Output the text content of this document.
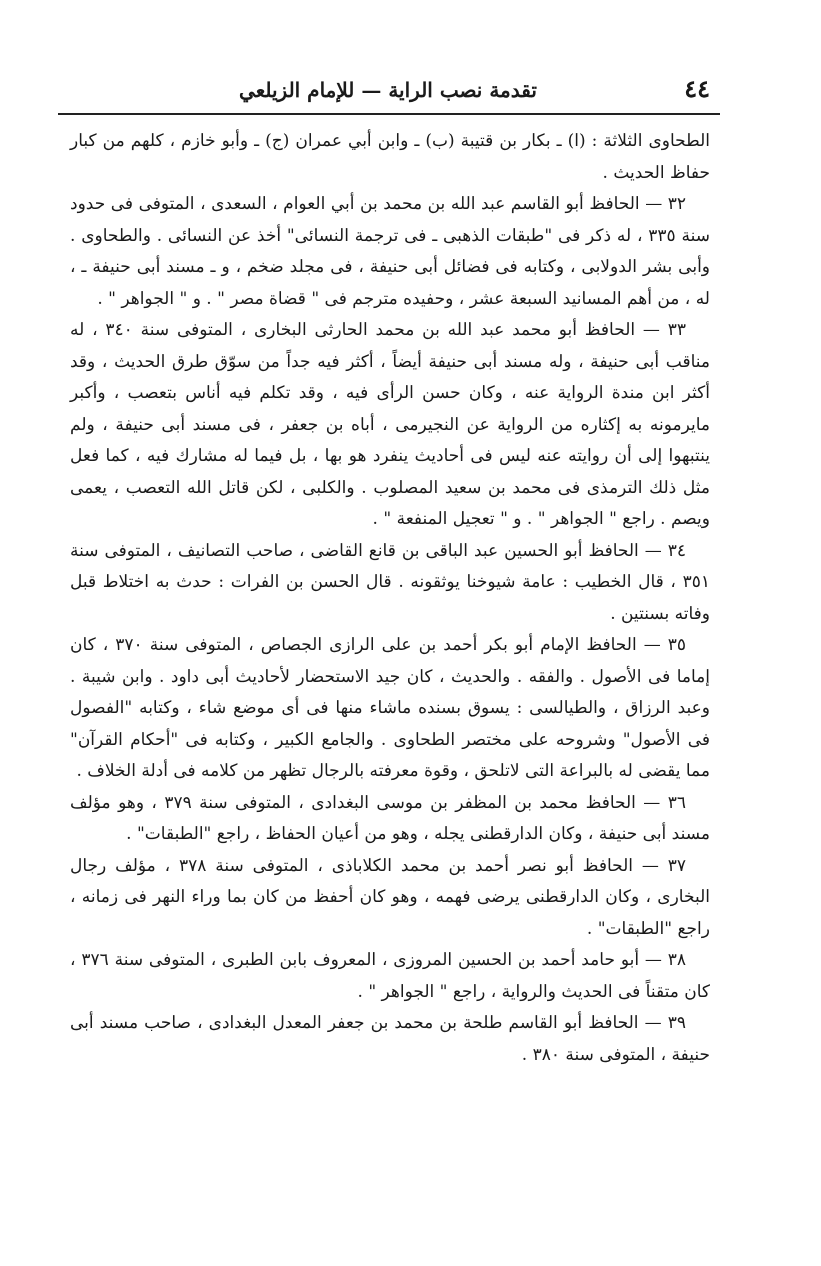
٤٤
تقدمة نصب الراية — للإمام الزيلعي

الطحاوى الثلاثة : (ا) ـ بكار بن قتيبة (ب) ـ وابن أبي عمران (ج) ـ وأبو خازم ، كلهم من كبار حفاظ الحديث .

٣٢ — الحافظ أبو القاسم عبد الله بن محمد بن أبي العوام ، السعدى ، المتوفى فى حدود سنة ٣٣٥ ، له ذكر فى "طبقات الذهبى ـ فى ترجمة النسائى" أخذ عن النسائى . والطحاوى . وأبى بشر الدولابى ، وكتابه فى فضائل أبى حنيفة ، فى مجلد ضخم ، و ـ مسند أبى حنيفة ـ ، له ، من أهم المسانيد السبعة عشر ، وحفيده مترجم فى " قضاة مصر " . و " الجواهر " .

٣٣ — الحافظ أبو محمد عبد الله بن محمد الحارثى البخارى ، المتوفى سنة ٣٤٠ ، له مناقب أبى حنيفة ، وله مسند أبى حنيفة أيضاً ، أكثر فيه جداً من سوّق طرق الحديث ، وقد أكثر ابن مندة الرواية عنه ، وكان حسن الرأى فيه ، وقد تكلم فيه أناس بتعصب ، وأكبر مايرمونه به إكثاره من الرواية عن النجيرمى ، أباه بن جعفر ، فى مسند أبى حنيفة ، ولم ينتبهوا إلى أن روايته عنه ليس فى أحاديث ينفرد هو بها ، بل فيما له مشارك فيه ، كما فعل مثل ذلك الترمذى فى محمد بن سعيد المصلوب . والكلبى ، لكن قاتل الله التعصب ، يعمى ويصم . راجع " الجواهر " . و " تعجيل المنفعة " .

٣٤ — الحافظ أبو الحسين عبد الباقى بن قانع القاضى ، صاحب التصانيف ، المتوفى سنة ٣٥١ ، قال الخطيب : عامة شيوخنا يوثقونه . قال الحسن بن الفرات : حدث به اختلاط قبل وفاته بسنتين .

٣٥ — الحافظ الإمام أبو بكر أحمد بن على الرازى الجصاص ، المتوفى سنة ٣٧٠ ، كان إماما فى الأصول . والفقه . والحديث ، كان جيد الاستحضار لأحاديث أبى داود . وابن شيبة . وعبد الرزاق ، والطيالسى : يسوق بسنده ماشاء منها فى أى موضع شاء ، وكتابه "الفصول فى الأصول" وشروحه على مختصر الطحاوى . والجامع الكبير ، وكتابه فى "أحكام القرآن" مما يقضى له بالبراعة التى لاتلحق ، وقوة معرفته بالرجال تظهر من كلامه فى أدلة الخلاف .

٣٦ — الحافظ محمد بن المظفر بن موسى البغدادى ، المتوفى سنة ٣٧٩ ، وهو مؤلف مسند أبى حنيفة ، وكان الدارقطنى يجله ، وهو من أعيان الحفاظ ، راجع "الطبقات" .

٣٧ — الحافظ أبو نصر أحمد بن محمد الكلاباذى ، المتوفى سنة ٣٧٨ ، مؤلف رجال البخارى ، وكان الدارقطنى يرضى فهمه ، وهو كان أحفظ من كان بما وراء النهر فى زمانه ، راجع "الطبقات" .

٣٨ — أبو حامد أحمد بن الحسين المروزى ، المعروف بابن الطبرى ، المتوفى سنة ٣٧٦ ، كان متقناً فى الحديث والرواية ، راجع " الجواهر " .

٣٩ — الحافظ أبو القاسم طلحة بن محمد بن جعفر المعدل البغدادى ، صاحب مسند أبى حنيفة ، المتوفى سنة ٣٨٠ .
